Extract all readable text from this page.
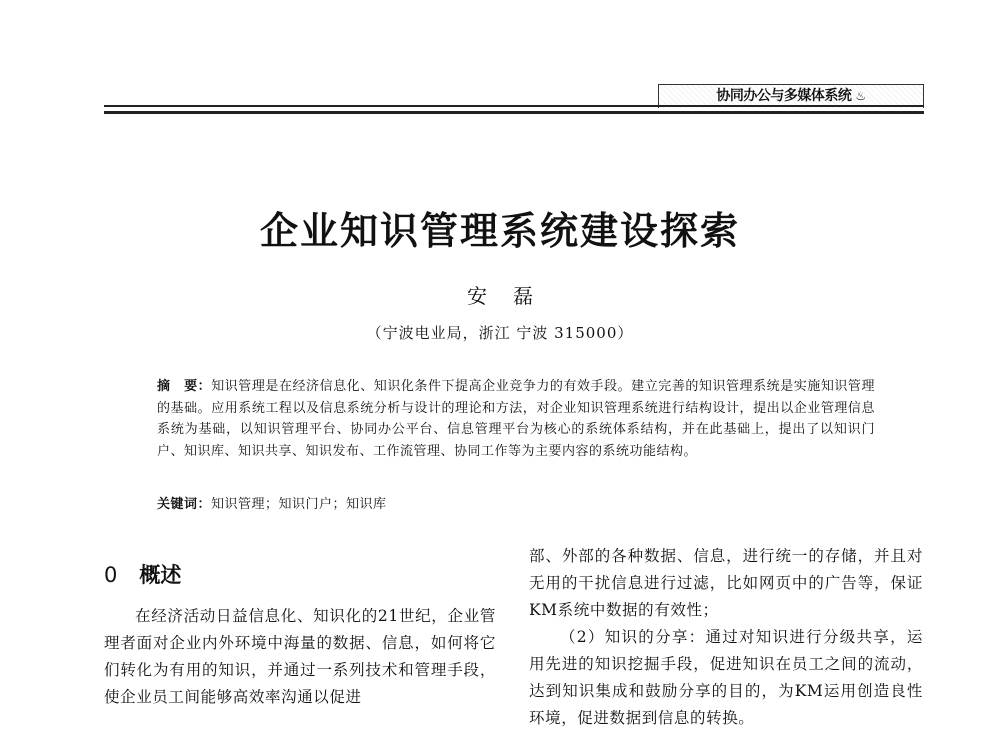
协同办公与多媒体系统 ♨
企业知识管理系统建设探索
安磊
（宁波电业局，浙江 宁波 315000）
摘　要：知识管理是在经济信息化、知识化条件下提高企业竞争力的有效手段。建立完善的知识管理系统是实施知识管理的基础。应用系统工程以及信息系统分析与设计的理论和方法，对企业知识管理系统进行结构设计，提出以企业管理信息系统为基础，以知识管理平台、协同办公平台、信息管理平台为核心的系统体系结构，并在此基础上，提出了以知识门户、知识库、知识共享、知识发布、工作流管理、协同工作等为主要内容的系统功能结构。
关键词：知识管理；知识门户；知识库
0 概述

在经济活动日益信息化、知识化的21世纪，企业管理者面对企业内外环境中海量的数据、信息，如何将它们转化为有用的知识，并通过一系列技术和管理手段，使企业员工间能够高效率沟通以促进

部、外部的各种数据、信息，进行统一的存储，并且对无用的干扰信息进行过滤，比如网页中的广告等，保证KM系统中数据的有效性；

（2）知识的分享：通过对知识进行分级共享，运用先进的知识挖掘手段，促进知识在员工之间的流动，达到知识集成和鼓励分享的目的，为KM运用创造良性环境，促进数据到信息的转换。
